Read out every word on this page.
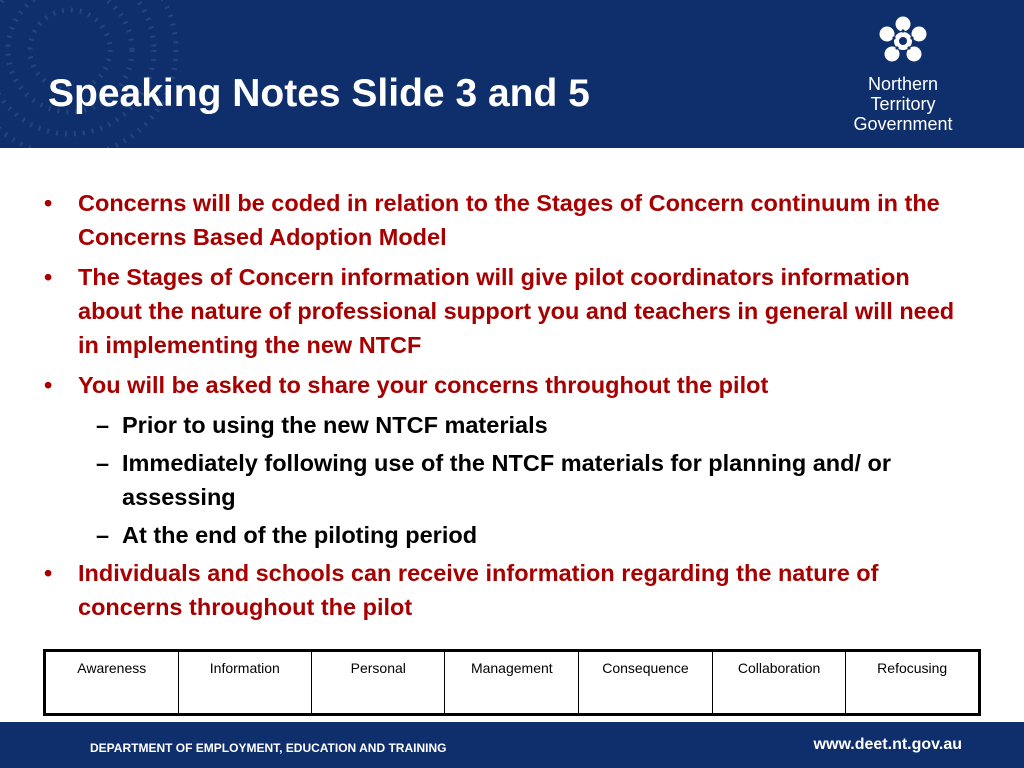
Speaking Notes Slide 3 and 5	Northern
Territory
Government
• Concerns will be coded in relation to the Stages of Concern continuum in the Concerns Based Adoption Model
• The Stages of Concern information will give pilot coordinators information about the nature of professional support you and teachers in general will need in implementing the new NTCF
• You will be asked to share your concerns throughout the pilot
– Prior to using the new NTCF materials
– Immediately following use of the NTCF materials for planning and/ or assessing
– At the end of the piloting period
• Individuals and schools can receive information regarding the nature of concerns throughout the pilot
Awareness	Information	Personal	Management	Consequence	Collaboration	Refocusing
DEPARTMENT OF EMPLOYMENT, EDUCATION AND TRAINING	www.deet.nt.gov.au
